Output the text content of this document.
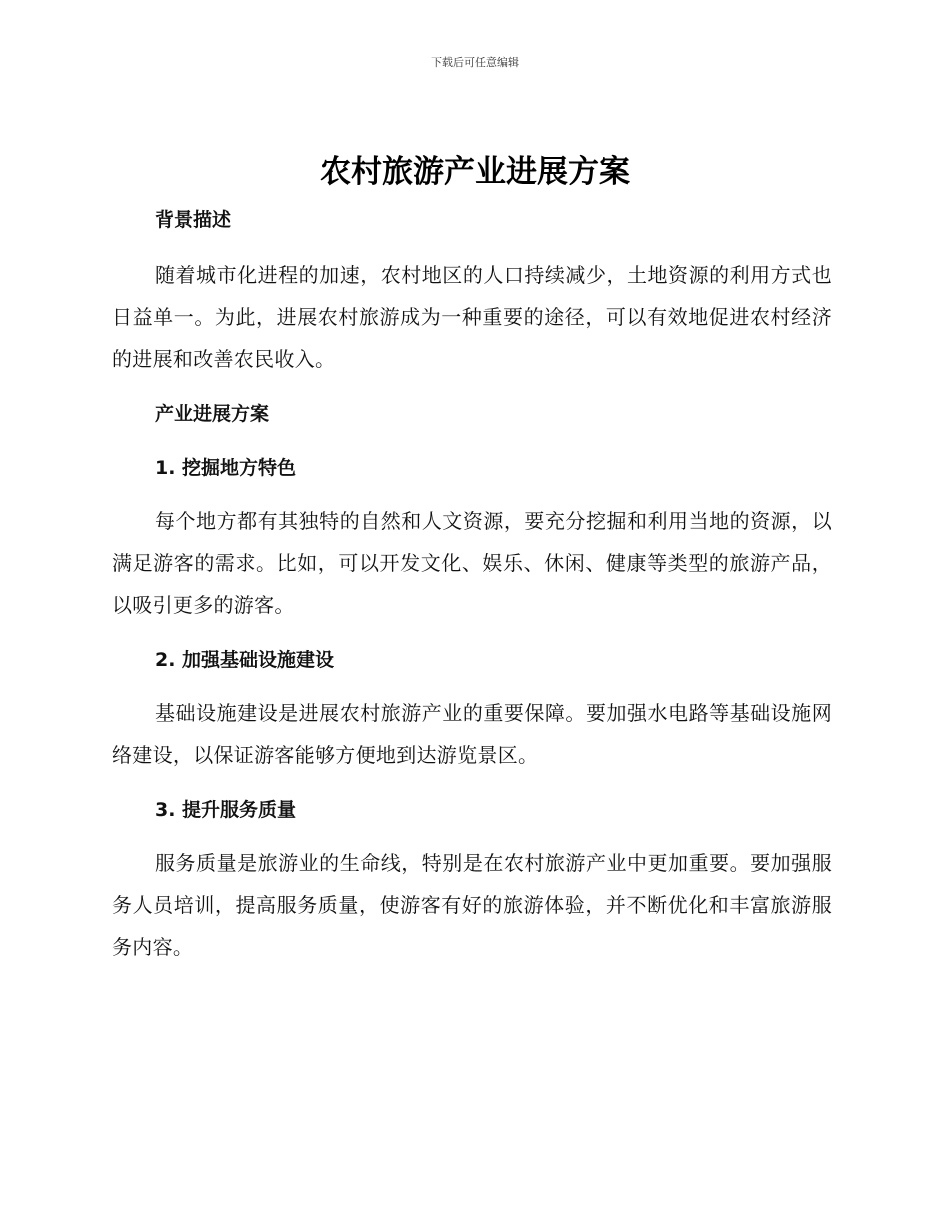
下载后可任意编辑
农村旅游产业进展方案
背景描述

随着城市化进程的加速，农村地区的人口持续减少，土地资源的利用方式也日益单一。为此，进展农村旅游成为一种重要的途径，可以有效地促进农村经济的进展和改善农民收入。

产业进展方案
1. 挖掘地方特色

每个地方都有其独特的自然和人文资源，要充分挖掘和利用当地的资源，以满足游客的需求。比如，可以开发文化、娱乐、休闲、健康等类型的旅游产品，以吸引更多的游客。

2. 加强基础设施建设

基础设施建设是进展农村旅游产业的重要保障。要加强水电路等基础设施网络建设，以保证游客能够方便地到达游览景区。

3. 提升服务质量

服务质量是旅游业的生命线，特别是在农村旅游产业中更加重要。要加强服务人员培训，提高服务质量，使游客有好的旅游体验，并不断优化和丰富旅游服务内容。
